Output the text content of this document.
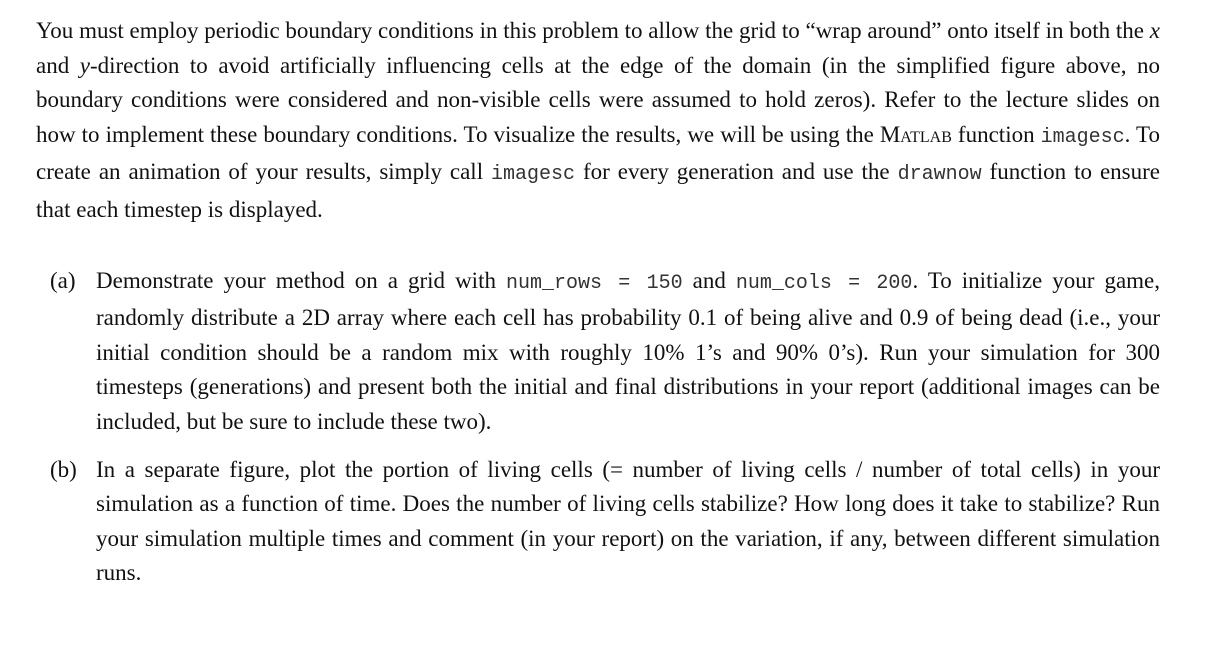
You must employ periodic boundary conditions in this problem to allow the grid to “wrap around” onto itself in both the x and y-direction to avoid artificially influencing cells at the edge of the domain (in the simplified figure above, no boundary conditions were considered and non-visible cells were assumed to hold zeros). Refer to the lecture slides on how to implement these boundary conditions. To visualize the results, we will be using the Matlab function imagesc. To create an animation of your results, simply call imagesc for every generation and use the drawnow function to ensure that each timestep is displayed.

(a) Demonstrate your method on a grid with num_rows = 150 and num_cols = 200. To initialize your game, randomly distribute a 2D array where each cell has probability 0.1 of being alive and 0.9 of being dead (i.e., your initial condition should be a random mix with roughly 10% 1’s and 90% 0’s). Run your simulation for 300 timesteps (generations) and present both the initial and final distributions in your report (additional images can be included, but be sure to include these two).
(b) In a separate figure, plot the portion of living cells (= number of living cells / number of total cells) in your simulation as a function of time. Does the number of living cells stabilize? How long does it take to stabilize? Run your simulation multiple times and comment (in your report) on the variation, if any, between different simulation runs.
